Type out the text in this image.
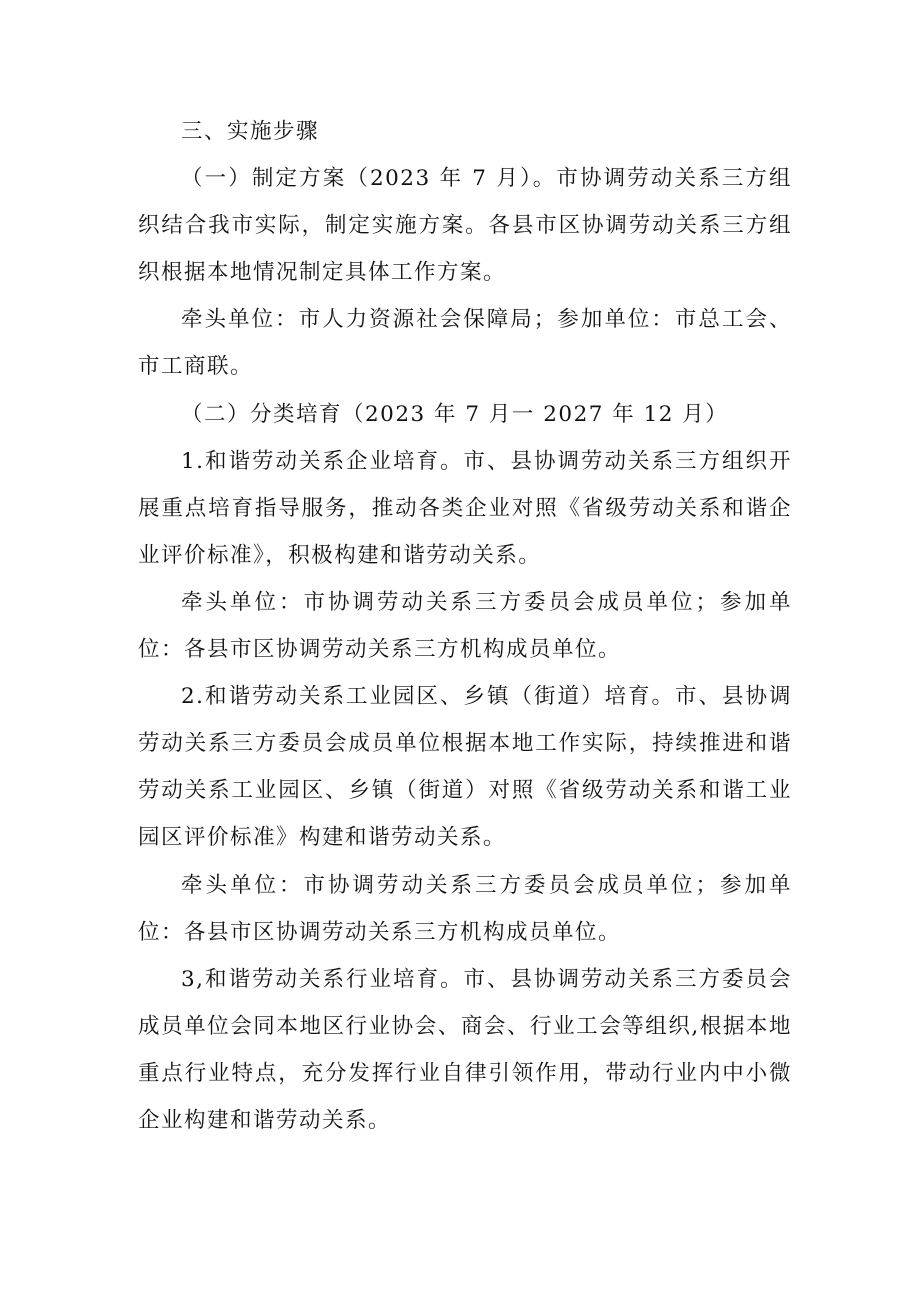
三、实施步骤

（一）制定方案（2023 年 7 月）。市协调劳动关系三方组织结合我市实际，制定实施方案。各县市区协调劳动关系三方组织根据本地情况制定具体工作方案。

牵头单位：市人力资源社会保障局；参加单位：市总工会、市工商联。

（二）分类培育（2023 年 7 月一 2027 年 12 月）

1.和谐劳动关系企业培育。市、县协调劳动关系三方组织开展重点培育指导服务，推动各类企业对照《省级劳动关系和谐企业评价标准》，积极构建和谐劳动关系。

牵头单位：市协调劳动关系三方委员会成员单位；参加单位：各县市区协调劳动关系三方机构成员单位。

2.和谐劳动关系工业园区、乡镇（街道）培育。市、县协调劳动关系三方委员会成员单位根据本地工作实际，持续推进和谐劳动关系工业园区、乡镇（街道）对照《省级劳动关系和谐工业园区评价标准》构建和谐劳动关系。

牵头单位：市协调劳动关系三方委员会成员单位；参加单位：各县市区协调劳动关系三方机构成员单位。

3,和谐劳动关系行业培育。市、县协调劳动关系三方委员会成员单位会同本地区行业协会、商会、行业工会等组织,根据本地重点行业特点，充分发挥行业自律引领作用，带动行业内中小微企业构建和谐劳动关系。
